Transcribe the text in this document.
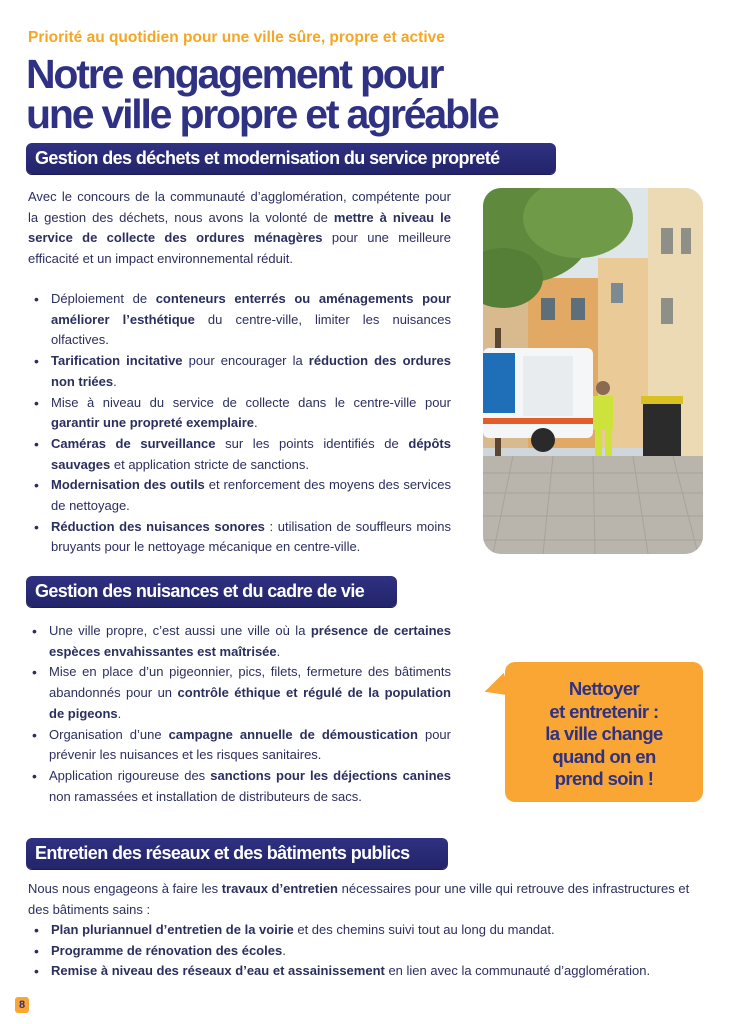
Priorité au quotidien pour une ville sûre, propre et active
Notre engagement pour
une ville propre et agréable
Gestion des déchets et modernisation du service propreté

Avec le concours de la communauté d’agglomération, compétente pour la gestion des déchets, nous avons la volonté de mettre à niveau le service de collecte des ordures ménagères pour une meilleure efficacité et un impact environnemental réduit.

• Déploiement de conteneurs enterrés ou aménagements pour améliorer l’esthétique du centre-ville, limiter les nuisances olfactives.
• Tarification incitative pour encourager la réduction des ordures non triées.
• Mise à niveau du service de collecte dans le centre-ville pour garantir une propreté exemplaire.
• Caméras de surveillance sur les points identifiés de dépôts sauvages et application stricte de sanctions.
• Modernisation des outils et renforcement des moyens des services de nettoyage.
• Réduction des nuisances sonores : utilisation de souffleurs moins bruyants pour le nettoyage mécanique en centre-ville.
Gestion des nuisances et du cadre de vie
• Une ville propre, c’est aussi une ville où la présence de certaines espèces envahissantes est maîtrisée.
• Mise en place d’un pigeonnier, pics, filets, fermeture des bâtiments abandonnés pour un contrôle éthique et régulé de la population de pigeons.
• Organisation d’une campagne annuelle de démoustication pour prévenir les nuisances et les risques sanitaires.
• Application rigoureuse des sanctions pour les déjections canines non ramassées et installation de distributeurs de sacs.
Nettoyer
et entretenir :
la ville change
quand on en
prend soin !
Entretien des réseaux et des bâtiments publics

Nous nous engageons à faire les travaux d’entretien nécessaires pour une ville qui retrouve des infrastructures et des bâtiments sains :

• Plan pluriannuel d’entretien de la voirie et des chemins suivi tout au long du mandat.
• Programme de rénovation des écoles.
• Remise à niveau des réseaux d’eau et assainissement en lien avec la communauté d’agglomération.
8
